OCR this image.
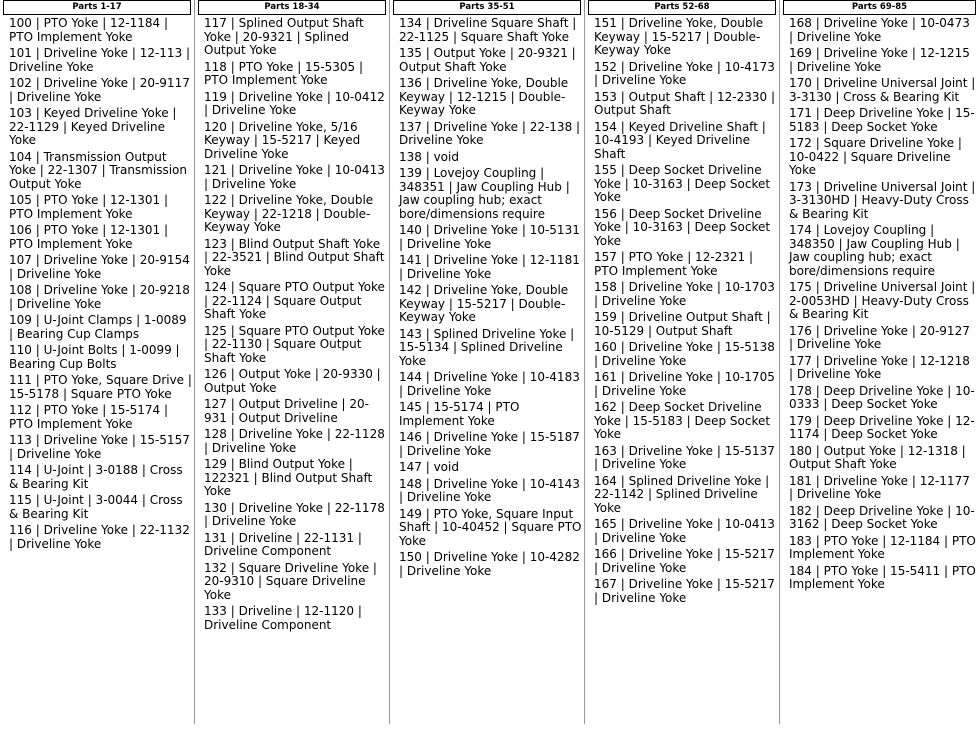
Parts 1-17
100 | PTO Yoke | 12-1184 | PTO Implement Yoke
101 | Driveline Yoke | 12-113 | Driveline Yoke
102 | Driveline Yoke | 20-9117 | Driveline Yoke
103 | Keyed Driveline Yoke | 22-1129 | Keyed Driveline Yoke
104 | Transmission Output Yoke | 22-1307 | Transmission Output Yoke
105 | PTO Yoke | 12-1301 | PTO Implement Yoke
106 | PTO Yoke | 12-1301 | PTO Implement Yoke
107 | Driveline Yoke | 20-9154 | Driveline Yoke
108 | Driveline Yoke | 20-9218 | Driveline Yoke
109 | U-Joint Clamps | 1-0089 | Bearing Cup Clamps
110 | U-Joint Bolts | 1-0099 | Bearing Cup Bolts
111 | PTO Yoke, Square Drive | 15-5178 | Square PTO Yoke
112 | PTO Yoke | 15-5174 | PTO Implement Yoke
113 | Driveline Yoke | 15-5157 | Driveline Yoke
114 | U-Joint | 3-0188 | Cross & Bearing Kit
115 | U-Joint | 3-0044 | Cross & Bearing Kit
116 | Driveline Yoke | 22-1132 | Driveline Yoke
Parts 18-34
117 | Splined Output Shaft Yoke | 20-9321 | Splined Output Yoke
118 | PTO Yoke | 15-5305 | PTO Implement Yoke
119 | Driveline Yoke | 10-0412 | Driveline Yoke
120 | Driveline Yoke, 5/16 Keyway | 15-5217 | Keyed Driveline Yoke
121 | Driveline Yoke | 10-0413 | Driveline Yoke
122 | Driveline Yoke, Double Keyway | 22-1218 | Double-Keyway Yoke
123 | Blind Output Shaft Yoke | 22-3521 | Blind Output Shaft Yoke
124 | Square PTO Output Yoke | 22-1124 | Square Output Shaft Yoke
125 | Square PTO Output Yoke | 22-1130 | Square Output Shaft Yoke
126 | Output Yoke | 20-9330 | Output Yoke
127 | Output Driveline | 20-931 | Output Driveline
128 | Driveline Yoke | 22-1128 | Driveline Yoke
129 | Blind Output Yoke | 122321 | Blind Output Shaft Yoke
130 | Driveline Yoke | 22-1178 | Driveline Yoke
131 | Driveline | 22-1131 | Driveline Component
132 | Square Driveline Yoke | 20-9310 | Square Driveline Yoke
133 | Driveline | 12-1120 | Driveline Component
Parts 35-51
134 | Driveline Square Shaft | 22-1125 | Square Shaft Yoke
135 | Output Yoke | 20-9321 | Output Shaft Yoke
136 | Driveline Yoke, Double Keyway | 12-1215 | Double-Keyway Yoke
137 | Driveline Yoke | 22-138 | Driveline Yoke
138 | void
139 | Lovejoy Coupling | 348351 | Jaw Coupling Hub | Jaw coupling hub; exact bore/dimensions require
140 | Driveline Yoke | 10-5131 | Driveline Yoke
141 | Driveline Yoke | 12-1181 | Driveline Yoke
142 | Driveline Yoke, Double Keyway | 15-5217 | Double-Keyway Yoke
143 | Splined Driveline Yoke | 15-5134 | Splined Driveline Yoke
144 | Driveline Yoke | 10-4183 | Driveline Yoke
145 | 15-5174 | PTO Implement Yoke
146 | Driveline Yoke | 15-5187 | Driveline Yoke
147 | void
148 | Driveline Yoke | 10-4143 | Driveline Yoke
149 | PTO Yoke, Square Input Shaft | 10-40452 | Square PTO Yoke
150 | Driveline Yoke | 10-4282 | Driveline Yoke
Parts 52-68
151 | Driveline Yoke, Double Keyway | 15-5217 | Double-Keyway Yoke
152 | Driveline Yoke | 10-4173 | Driveline Yoke
153 | Output Shaft | 12-2330 | Output Shaft
154 | Keyed Driveline Shaft | 10-4193 | Keyed Driveline Shaft
155 | Deep Socket Driveline Yoke | 10-3163 | Deep Socket Yoke
156 | Deep Socket Driveline Yoke | 10-3163 | Deep Socket Yoke
157 | PTO Yoke | 12-2321 | PTO Implement Yoke
158 | Driveline Yoke | 10-1703 | Driveline Yoke
159 | Driveline Output Shaft | 10-5129 | Output Shaft
160 | Driveline Yoke | 15-5138 | Driveline Yoke
161 | Driveline Yoke | 10-1705 | Driveline Yoke
162 | Deep Socket Driveline Yoke | 15-5183 | Deep Socket Yoke
163 | Driveline Yoke | 15-5137 | Driveline Yoke
164 | Splined Driveline Yoke | 22-1142 | Splined Driveline Yoke
165 | Driveline Yoke | 10-0413 | Driveline Yoke
166 | Driveline Yoke | 15-5217 | Driveline Yoke
167 | Driveline Yoke | 15-5217 | Driveline Yoke
Parts 69-85
168 | Driveline Yoke | 10-0473 | Driveline Yoke
169 | Driveline Yoke | 12-1215 | Driveline Yoke
170 | Driveline Universal Joint | 3-3130 | Cross & Bearing Kit
171 | Deep Driveline Yoke | 15-5183 | Deep Socket Yoke
172 | Square Driveline Yoke | 10-0422 | Square Driveline Yoke
173 | Driveline Universal Joint | 3-3130HD | Heavy-Duty Cross & Bearing Kit
174 | Lovejoy Coupling | 348350 | Jaw Coupling Hub | Jaw coupling hub; exact bore/dimensions require
175 | Driveline Universal Joint | 2-0053HD | Heavy-Duty Cross & Bearing Kit
176 | Driveline Yoke | 20-9127 | Driveline Yoke
177 | Driveline Yoke | 12-1218 | Driveline Yoke
178 | Deep Driveline Yoke | 10-0333 | Deep Socket Yoke
179 | Deep Driveline Yoke | 12-1174 | Deep Socket Yoke
180 | Output Yoke | 12-1318 | Output Shaft Yoke
181 | Driveline Yoke | 12-1177 | Driveline Yoke
182 | Deep Driveline Yoke | 10-3162 | Deep Socket Yoke
183 | PTO Yoke | 12-1184 | PTO Implement Yoke
184 | PTO Yoke | 15-5411 | PTO Implement Yoke
